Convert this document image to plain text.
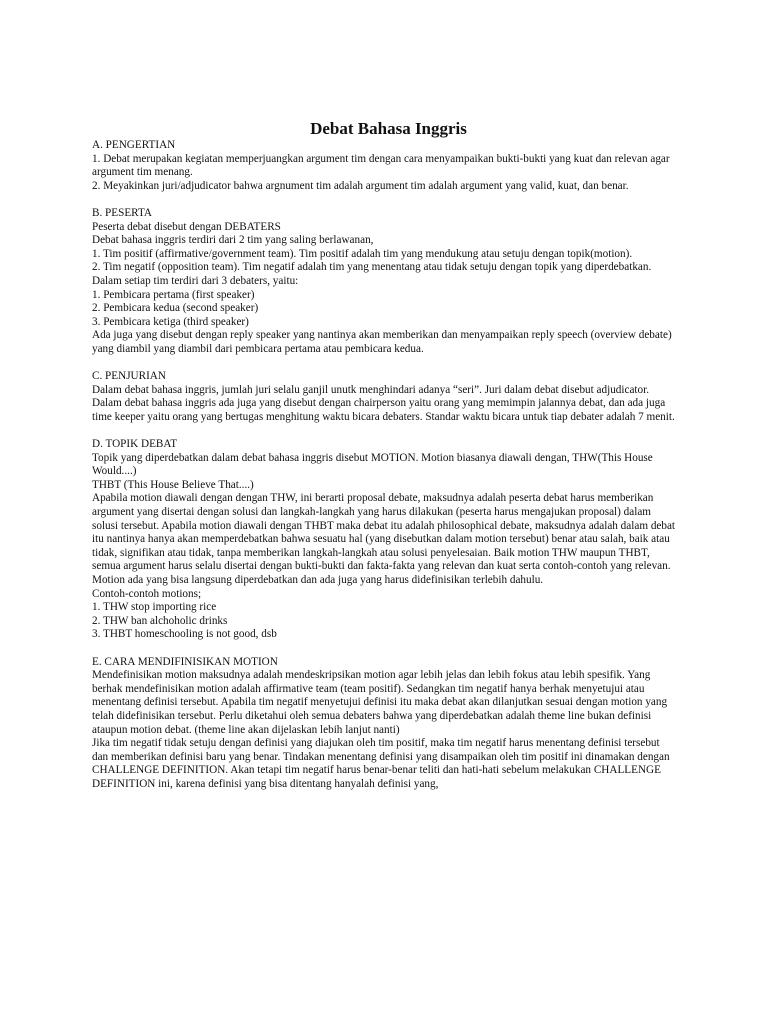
Debat Bahasa Inggris
A. PENGERTIAN
1. Debat merupakan kegiatan memperjuangkan argument tim dengan cara menyampaikan bukti-bukti yang kuat dan relevan agar argument tim menang.
2. Meyakinkan juri/adjudicator bahwa argnument tim adalah argument tim adalah argument yang valid, kuat, dan benar.
B. PESERTA
Peserta debat disebut dengan DEBATERS
Debat bahasa inggris terdiri dari 2 tim yang saling berlawanan,
1. Tim positif (affirmative/government team). Tim positif adalah tim yang mendukung atau setuju dengan topik(motion).
2. Tim negatif (opposition team). Tim negatif adalah tim yang menentang atau tidak setuju dengan topik yang diperdebatkan.
Dalam setiap tim terdiri dari 3 debaters, yaitu:
1. Pembicara pertama (first speaker)
2. Pembicara kedua (second speaker)
3. Pembicara ketiga (third speaker)
Ada juga yang disebut dengan reply speaker yang nantinya akan memberikan dan menyampaikan reply speech (overview debate) yang diambil yang diambil dari pembicara pertama atau pembicara kedua.
C. PENJURIAN
Dalam debat bahasa inggris, jumlah juri selalu ganjil unutk menghindari adanya “seri”. Juri dalam debat disebut adjudicator.
Dalam debat bahasa inggris ada juga yang disebut dengan chairperson yaitu orang yang memimpin jalannya debat, dan ada juga time keeper yaitu orang yang bertugas menghitung waktu bicara debaters. Standar waktu bicara untuk tiap debater adalah 7 menit.
D. TOPIK DEBAT
Topik yang diperdebatkan dalam debat bahasa inggris disebut MOTION. Motion biasanya diawali dengan, THW(This House Would....)
THBT (This House Believe That....)
Apabila motion diawali dengan dengan THW, ini berarti proposal debate, maksudnya adalah peserta debat harus memberikan argument yang disertai dengan solusi dan langkah-langkah yang harus dilakukan (peserta harus mengajukan proposal) dalam solusi tersebut. Apabila motion diawali dengan THBT maka debat itu adalah philosophical debate, maksudnya adalah dalam debat itu nantinya hanya akan memperdebatkan bahwa sesuatu hal (yang disebutkan dalam motion tersebut) benar atau salah, baik atau tidak, signifikan atau tidak, tanpa memberikan langkah-langkah atau solusi penyelesaian. Baik motion THW maupun THBT, semua argument harus selalu disertai dengan bukti-bukti dan fakta-fakta yang relevan dan kuat serta contoh-contoh yang relevan.
Motion ada yang bisa langsung diperdebatkan dan ada juga yang harus didefinisikan terlebih dahulu.
Contoh-contoh motions;
1. THW stop importing rice
2. THW ban alchoholic drinks
3. THBT homeschooling is not good, dsb
E. CARA MENDIFINISIKAN MOTION
Mendefinisikan motion maksudnya adalah mendeskripsikan motion agar lebih jelas dan lebih fokus atau lebih spesifik. Yang berhak mendefinisikan motion adalah affirmative team (team positif). Sedangkan tim negatif hanya berhak menyetujui atau menentang definisi tersebut. Apabila tim negatif menyetujui definisi itu maka debat akan dilanjutkan sesuai dengan motion yang telah didefinisikan tersebut. Perlu diketahui oleh semua debaters bahwa yang diperdebatkan adalah theme line bukan definisi ataupun motion debat. (theme line akan dijelaskan lebih lanjut nanti)
Jika tim negatif tidak setuju dengan definisi yang diajukan oleh tim positif, maka tim negatif harus menentang definisi tersebut dan memberikan definisi baru yang benar. Tindakan menentang definisi yang disampaikan oleh tim positif ini dinamakan dengan CHALLENGE DEFINITION. Akan tetapi tim negatif harus benar-benar teliti dan hati-hati sebelum melakukan CHALLENGE DEFINITION ini, karena definisi yang bisa ditentang hanyalah definisi yang,
